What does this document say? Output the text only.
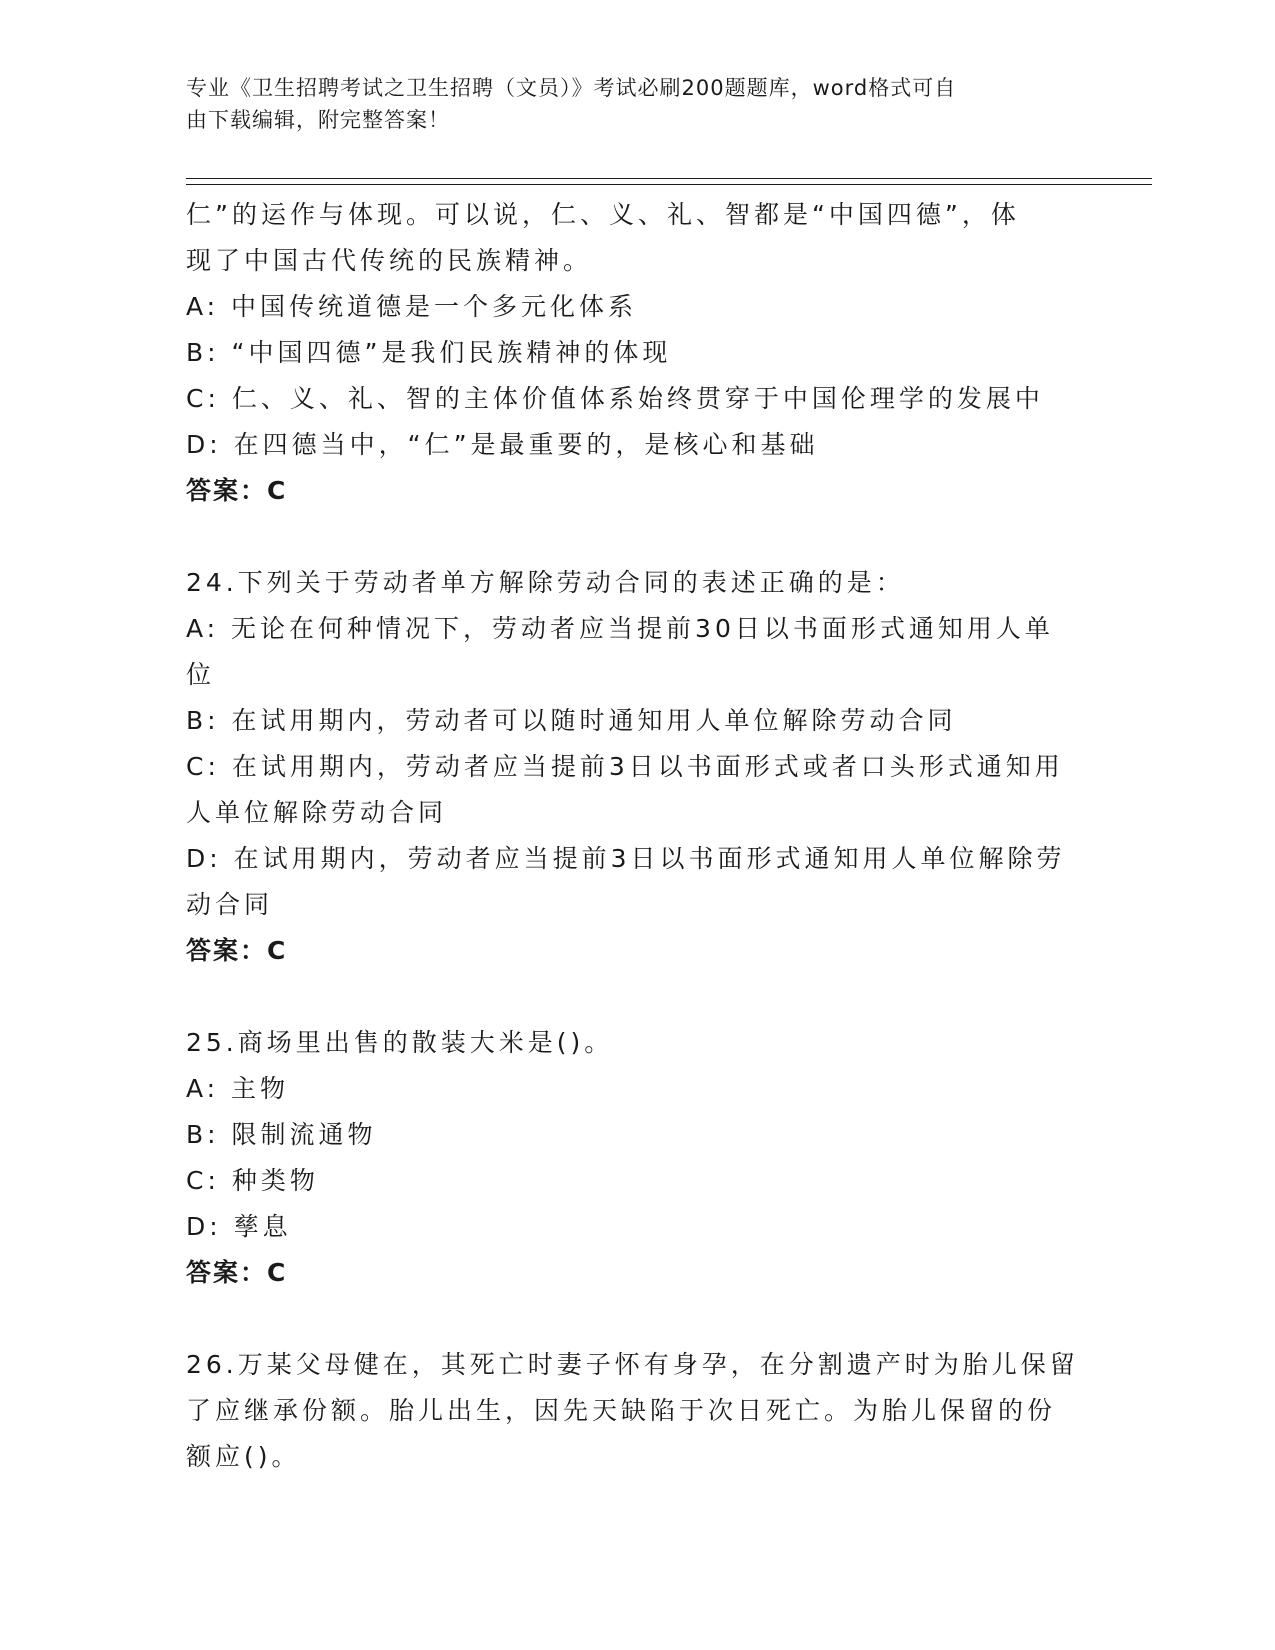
专业《卫生招聘考试之卫生招聘（文员）》考试必刷200题题库，word格式可自
由下载编辑，附完整答案！
仁”的运作与体现。可以说，仁、义、礼、智都是“中国四德”，体
现了中国古代传统的民族精神。
A: 中国传统道德是一个多元化体系
B: “中国四德”是我们民族精神的体现
C: 仁、义、礼、智的主体价值体系始终贯穿于中国伦理学的发展中
D: 在四德当中，“仁”是最重要的，是核心和基础
答案：C
24.下列关于劳动者单方解除劳动合同的表述正确的是：
A: 无论在何种情况下，劳动者应当提前30日以书面形式通知用人单
位
B: 在试用期内，劳动者可以随时通知用人单位解除劳动合同
C: 在试用期内，劳动者应当提前3日以书面形式或者口头形式通知用
人单位解除劳动合同
D: 在试用期内，劳动者应当提前3日以书面形式通知用人单位解除劳
动合同
答案：C
25.商场里出售的散装大米是()。
A: 主物
B: 限制流通物
C: 种类物
D: 孳息
答案：C
26.万某父母健在，其死亡时妻子怀有身孕，在分割遗产时为胎儿保留
了应继承份额。胎儿出生，因先天缺陷于次日死亡。为胎儿保留的份
额应()。
